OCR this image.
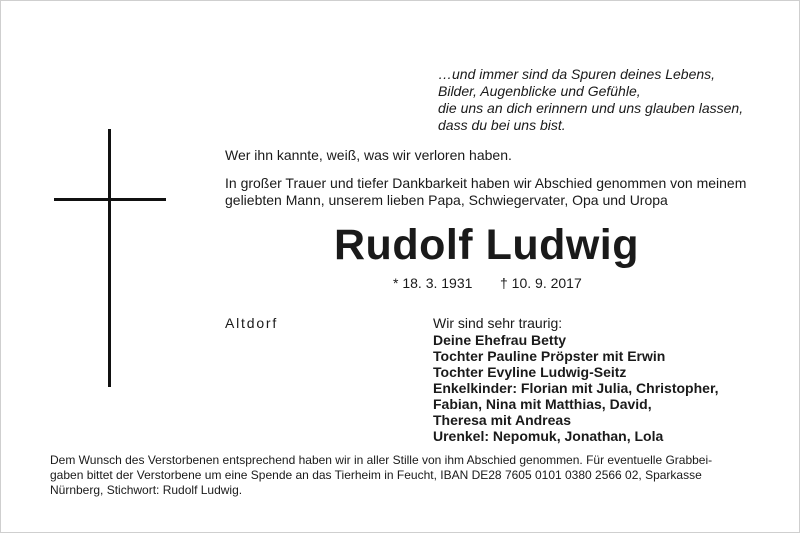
…und immer sind da Spuren deines Lebens,
Bilder, Augenblicke und Gefühle,
die uns an dich erinnern und uns glauben lassen,
dass du bei uns bist.
Wer ihn kannte, weiß, was wir verloren haben.
In großer Trauer und tiefer Dankbarkeit haben wir Abschied genommen von meinem
geliebten Mann, unserem lieben Papa, Schwiegervater, Opa und Uropa
Rudolf Ludwig
* 18. 3. 1931 † 10. 9. 2017
Altdorf	Wir sind sehr traurig:
Deine Ehefrau Betty
Tochter Pauline Pröpster mit Erwin
Tochter Evyline Ludwig-Seitz
Enkelkinder: Florian mit Julia, Christopher,
Fabian, Nina mit Matthias, David,
Theresa mit Andreas
Urenkel: Nepomuk, Jonathan, Lola
Dem Wunsch des Verstorbenen entsprechend haben wir in aller Stille von ihm Abschied genommen. Für eventuelle Grabbei-
gaben bittet der Verstorbene um eine Spende an das Tierheim in Feucht, IBAN DE28 7605 0101 0380 2566 02, Sparkasse
Nürnberg, Stichwort: Rudolf Ludwig.
